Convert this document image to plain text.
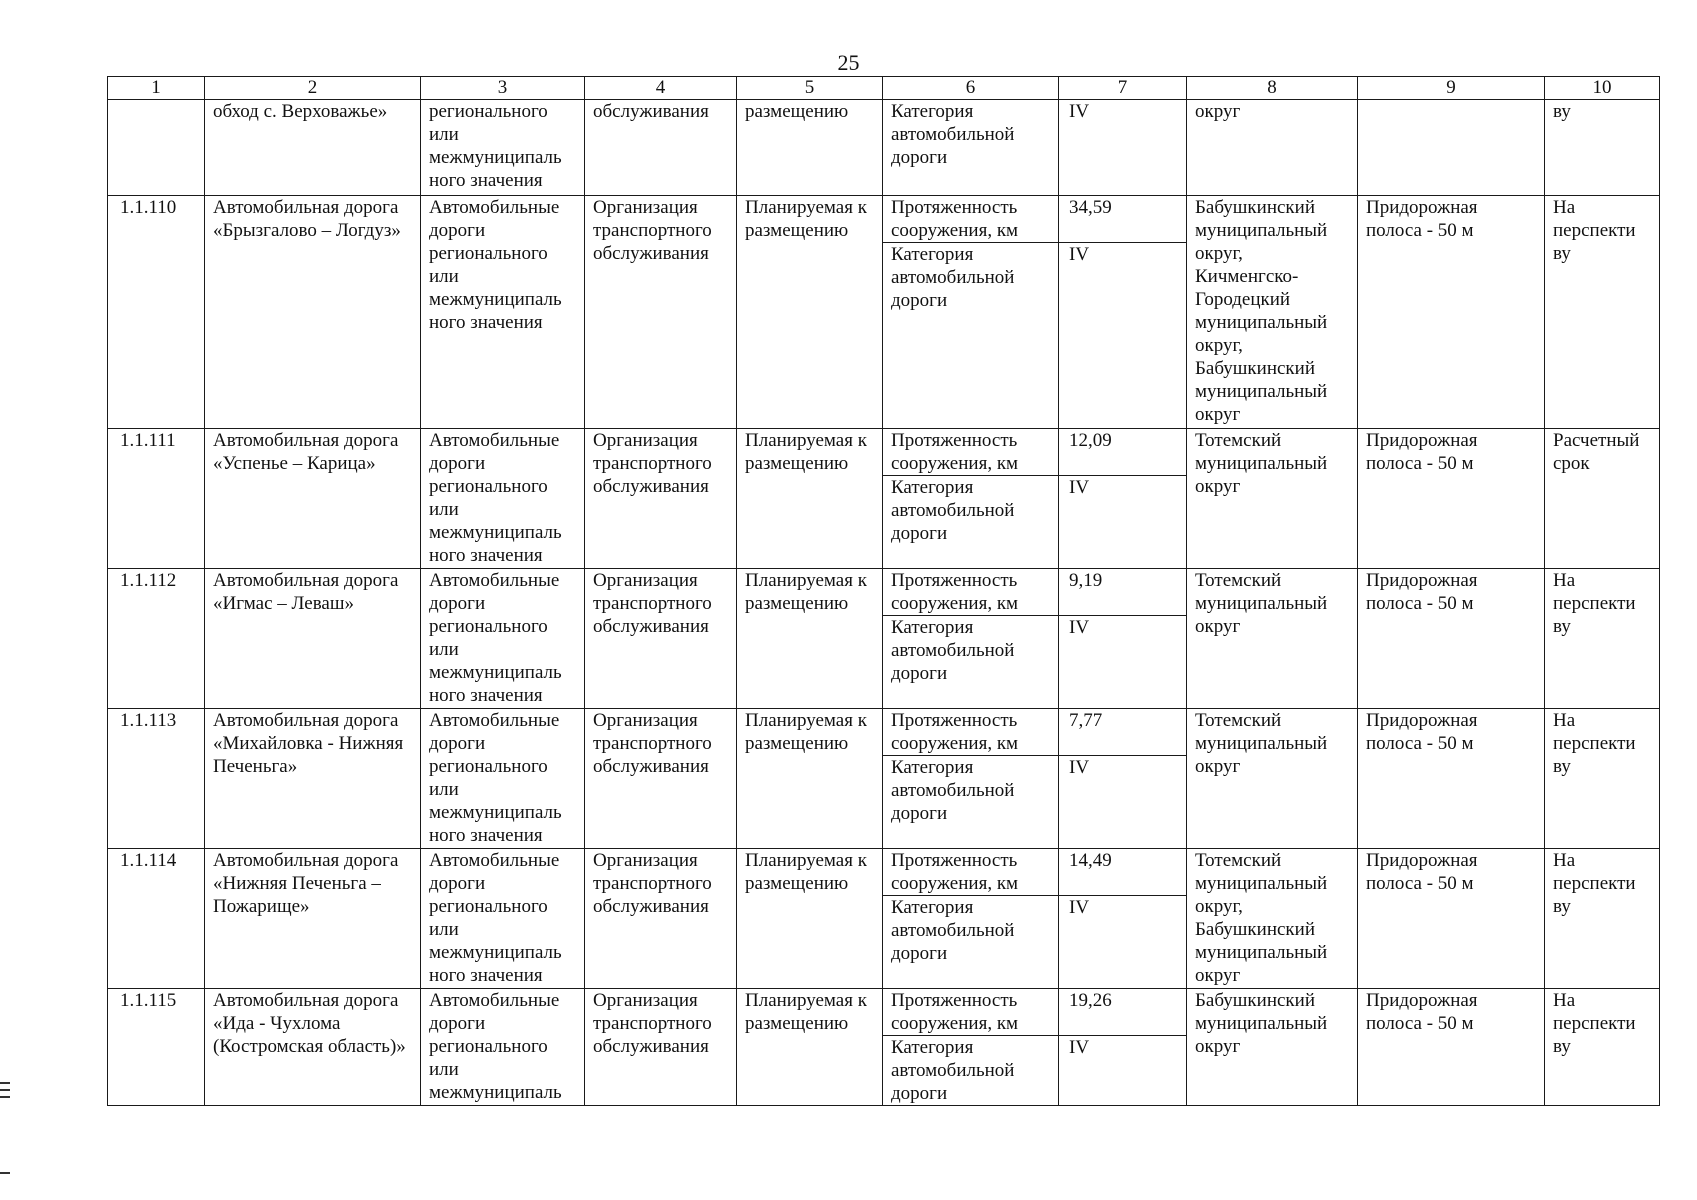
25
1	2	3	4	5	6	7	8	9	10
	обход с. Верховажье»	регионального или межмуниципаль ного значения	обслуживания	размещению	Категория автомобильной дороги	IV	округ		ву
1.1.110	Автомобильная дорога «Брызгалово – Логдуз»	Автомобильные дороги регионального или межмуниципаль ного значения	Организация транспортного обслуживания	Планируемая к размещению	Протяженность сооружения, км	34,59	Бабушкинский муниципальный округ, Кичменгско-Городецкий муниципальный округ, Бабушкинский муниципальный округ	Придорожная полоса - 50 м	На перспекти ву
					Категория автомобильной дороги	IV			
1.1.111	Автомобильная дорога «Успенье – Карица»	Автомобильные дороги регионального или межмуниципаль ного значения	Организация транспортного обслуживания	Планируемая к размещению	Протяженность сооружения, км	12,09	Тотемский муниципальный округ	Придорожная полоса - 50 м	Расчетный срок
					Категория автомобильной дороги	IV			
1.1.112	Автомобильная дорога «Игмас – Леваш»	Автомобильные дороги регионального или межмуниципаль ного значения	Организация транспортного обслуживания	Планируемая к размещению	Протяженность сооружения, км	9,19	Тотемский муниципальный округ	Придорожная полоса - 50 м	На перспекти ву
					Категория автомобильной дороги	IV			
1.1.113	Автомобильная дорога «Михайловка - Нижняя Печеньга»	Автомобильные дороги регионального или межмуниципаль ного значения	Организация транспортного обслуживания	Планируемая к размещению	Протяженность сооружения, км	7,77	Тотемский муниципальный округ	Придорожная полоса - 50 м	На перспекти ву
					Категория автомобильной дороги	IV			
1.1.114	Автомобильная дорога «Нижняя Печеньга – Пожарище»	Автомобильные дороги регионального или межмуниципаль ного значения	Организация транспортного обслуживания	Планируемая к размещению	Протяженность сооружения, км	14,49	Тотемский муниципальный округ, Бабушкинский муниципальный округ	Придорожная полоса - 50 м	На перспекти ву
					Категория автомобильной дороги	IV			
1.1.115	Автомобильная дорога «Ида - Чухлома (Костромская область)»	Автомобильные дороги регионального или межмуниципаль	Организация транспортного обслуживания	Планируемая к размещению	Протяженность сооружения, км	19,26	Бабушкинский муниципальный округ	Придорожная полоса - 50 м	На перспекти ву
					Категория автомобильной дороги	IV			
